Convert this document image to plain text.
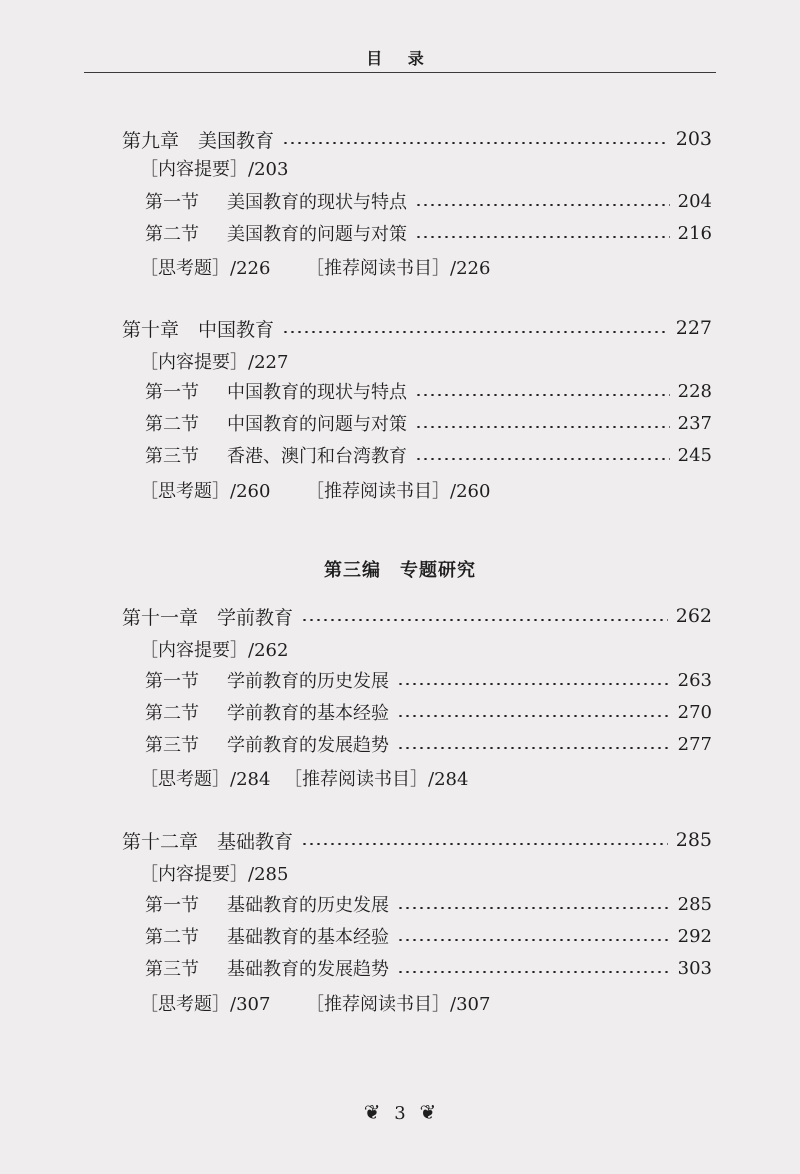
目 录
第九章　美国教育	203
［内容提要］/203
第一节 美国教育的现状与特点	204
第二节 美国教育的问题与对策	216
［思考题］/226 ［推荐阅读书目］/226
第十章　中国教育	227
［内容提要］/227
第一节 中国教育的现状与特点	228
第二节 中国教育的问题与对策	237
第三节 香港、澳门和台湾教育	245
［思考题］/260 ［推荐阅读书目］/260
第三编　专题研究
第十一章　学前教育	262
［内容提要］/262
第一节 学前教育的历史发展	263
第二节 学前教育的基本经验	270
第三节 学前教育的发展趋势	277
［思考题］/284 ［推荐阅读书目］/284
第十二章　基础教育	285
［内容提要］/285
第一节 基础教育的历史发展	285
第二节 基础教育的基本经验	292
第三节 基础教育的发展趋势	303
［思考题］/307 ［推荐阅读书目］/307
❦ 3 ❦
